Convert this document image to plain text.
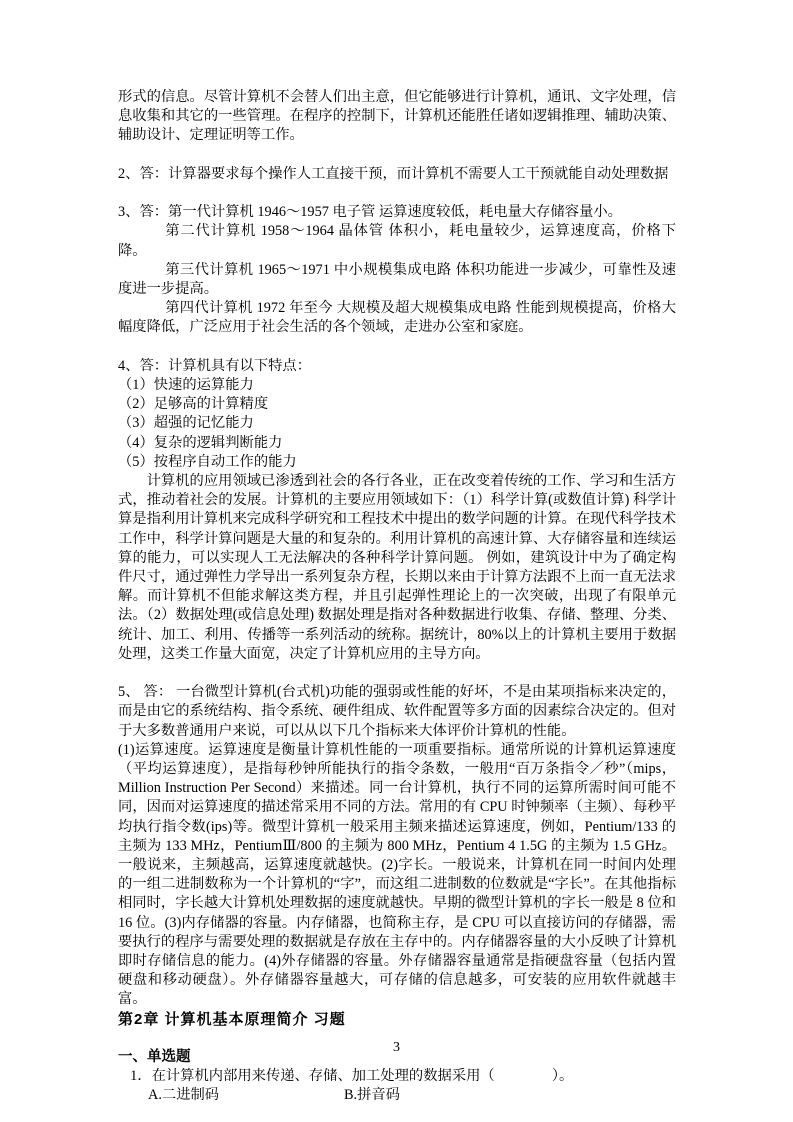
形式的信息。尽管计算机不会替人们出主意，但它能够进行计算机，通讯、文字处理，信息收集和其它的一些管理。在程序的控制下，计算机还能胜任诸如逻辑推理、辅助决策、辅助设计、定理证明等工作。

2、答：计算器要求每个操作人工直接干预，而计算机不需要人工干预就能自动处理数据

3、答：第一代计算机 1946～1957 电子管 运算速度较低，耗电量大存储容量小。

第二代计算机 1958～1964 晶体管 体积小，耗电量较少，运算速度高，价格下降。

第三代计算机 1965～1971 中小规模集成电路 体积功能进一步减少，可靠性及速度进一步提高。

第四代计算机 1972 年至今 大规模及超大规模集成电路 性能到规模提高，价格大幅度降低，广泛应用于社会生活的各个领域，走进办公室和家庭。

4、答：计算机具有以下特点：

（1）快速的运算能力

（2）足够高的计算精度

（3）超强的记忆能力

（4）复杂的逻辑判断能力

（5）按程序自动工作的能力

计算机的应用领域已渗透到社会的各行各业，正在改变着传统的工作、学习和生活方式，推动着社会的发展。计算机的主要应用领域如下：（1）科学计算(或数值计算) 科学计算是指利用计算机来完成科学研究和工程技术中提出的数学问题的计算。在现代科学技术工作中，科学计算问题是大量的和复杂的。利用计算机的高速计算、大存储容量和连续运算的能力，可以实现人工无法解决的各种科学计算问题。 例如，建筑设计中为了确定构件尺寸，通过弹性力学导出一系列复杂方程，长期以来由于计算方法跟不上而一直无法求解。而计算机不但能求解这类方程，并且引起弹性理论上的一次突破，出现了有限单元法。（2）数据处理(或信息处理) 数据处理是指对各种数据进行收集、存储、整理、分类、统计、加工、利用、传播等一系列活动的统称。据统计，80%以上的计算机主要用于数据处理，这类工作量大面宽，决定了计算机应用的主导方向。

5、 答： 一台微型计算机(台式机)功能的强弱或性能的好坏，不是由某项指标来决定的，而是由它的系统结构、指令系统、硬件组成、软件配置等多方面的因素综合决定的。但对于大多数普通用户来说，可以从以下几个指标来大体评价计算机的性能。

(1)运算速度。运算速度是衡量计算机性能的一项重要指标。通常所说的计算机运算速度（平均运算速度），是指每秒钟所能执行的指令条数，一般用“百万条指令／秒”（mips，Million Instruction Per Second）来描述。同一台计算机，执行不同的运算所需时间可能不同，因而对运算速度的描述常采用不同的方法。常用的有 CPU 时钟频率（主频）、每秒平均执行指令数(ips)等。微型计算机一般采用主频来描述运算速度，例如，Pentium/133 的主频为 133 MHz，PentiumⅢ/800 的主频为 800 MHz，Pentium 4 1.5G 的主频为 1.5 GHz。一般说来，主频越高，运算速度就越快。(2)字长。一般说来，计算机在同一时间内处理的一组二进制数称为一个计算机的“字”，而这组二进制数的位数就是“字长”。在其他指标相同时，字长越大计算机处理数据的速度就越快。早期的微型计算机的字长一般是 8 位和 16 位。(3)内存储器的容量。内存储器，也简称主存，是 CPU 可以直接访问的存储器，需要执行的程序与需要处理的数据就是存放在主存中的。内存储器容量的大小反映了计算机即时存储信息的能力。(4)外存储器的容量。外存储器容量通常是指硬盘容量（包括内置硬盘和移动硬盘）。外存储器容量越大，可存储的信息越多，可安装的应用软件就越丰富。

第2章 计算机基本原理简介 习题

一、单选题

1．在计算机内部用来传递、存储、加工处理的数据采用（　　　　）。

A.二进制码	B.拼音码

3
